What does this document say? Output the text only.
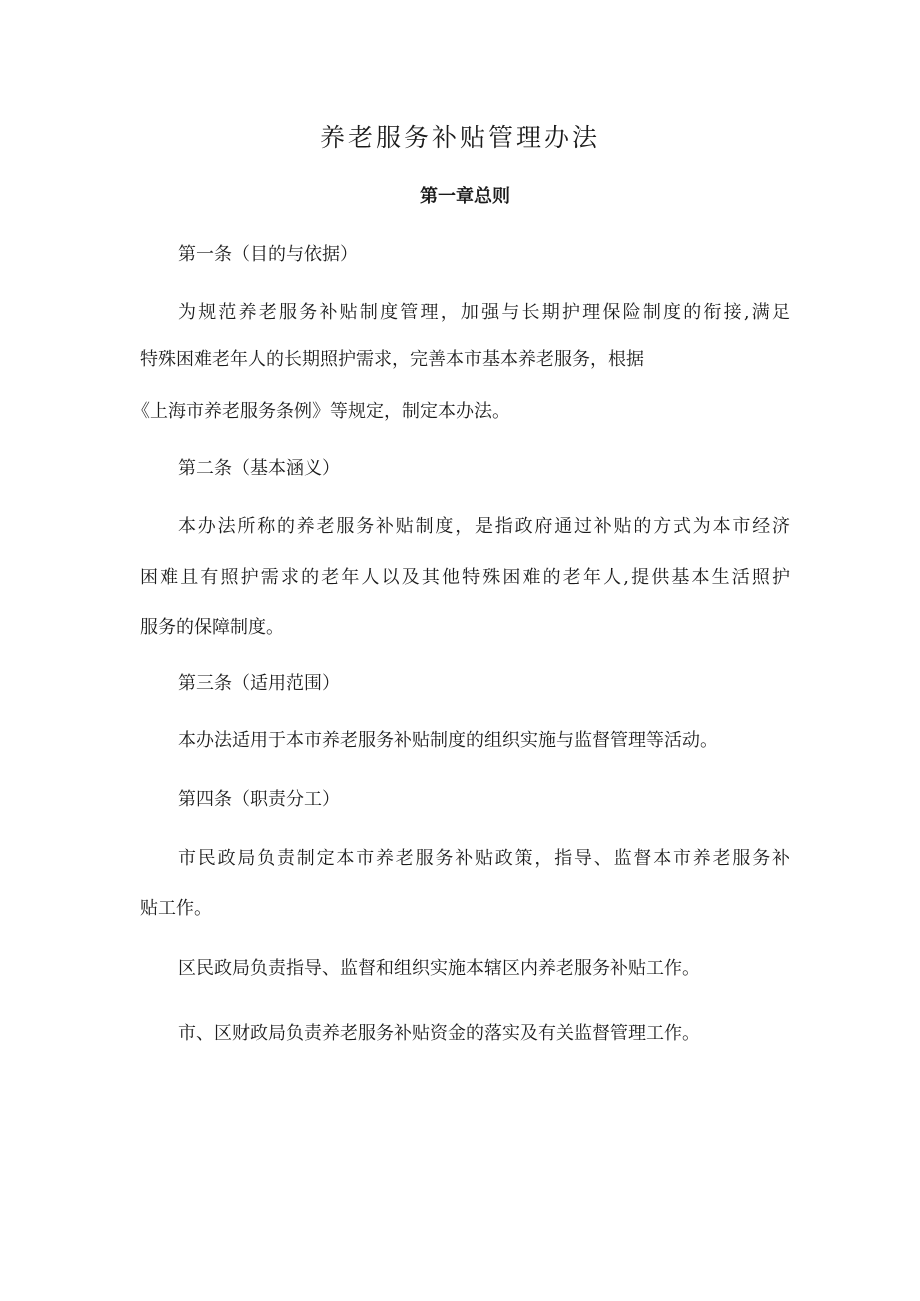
养老服务补贴管理办法
第一章总则

第一条（目的与依据）

为规范养老服务补贴制度管理，加强与长期护理保险制度的衔接,满足

特殊困难老年人的长期照护需求，完善本市基本养老服务，根据

《上海市养老服务条例》等规定，制定本办法。

第二条（基本涵义）

本办法所称的养老服务补贴制度，是指政府通过补贴的方式为本市经济

困难且有照护需求的老年人以及其他特殊困难的老年人,提供基本生活照护

服务的保障制度。

第三条（适用范围）

本办法适用于本市养老服务补贴制度的组织实施与监督管理等活动。

第四条（职责分工）

市民政局负责制定本市养老服务补贴政策，指导、监督本市养老服务补

贴工作。

区民政局负责指导、监督和组织实施本辖区内养老服务补贴工作。

市、区财政局负责养老服务补贴资金的落实及有关监督管理工作。
